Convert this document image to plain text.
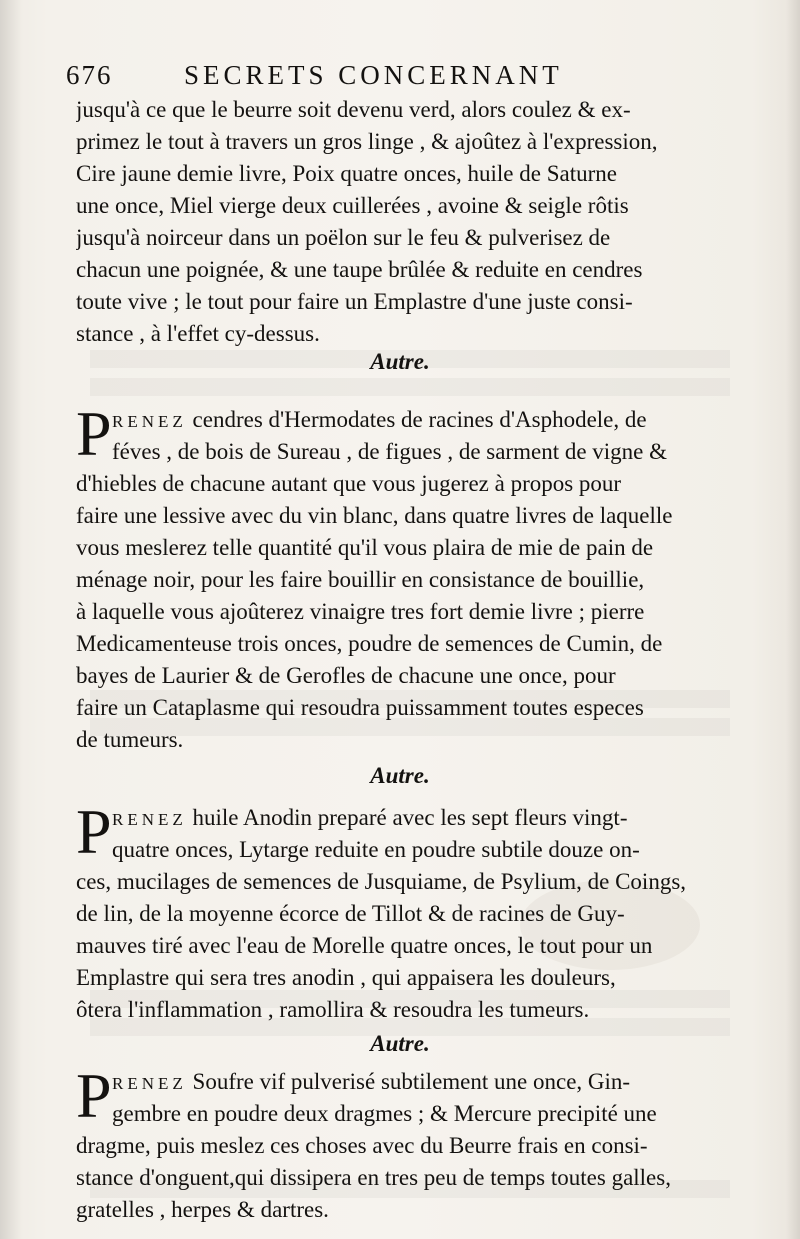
676	SECRETS CONCERNANT
jusqu'à ce que le beurre soit devenu verd, alors coulez & ex-
primez le tout à travers un gros linge , & ajoûtez à l'expression,
Cire jaune demie livre, Poix quatre onces, huile de Saturne
une once, Miel vierge deux cuillerées , avoine & seigle rôtis
jusqu'à noirceur dans un poëlon sur le feu & pulverisez de
chacun une poignée, & une taupe brûlée & reduite en cendres
toute vive ; le tout pour faire un Emplastre d'une juste consi-
stance , à l'effet cy-dessus.
Autre.
P RENEZ cendres d'Hermodates de racines d'Asphodele, de
féves , de bois de Sureau , de figues , de sarment de vigne &
d'hiebles de chacune autant que vous jugerez à propos pour
faire une lessive avec du vin blanc, dans quatre livres de laquelle
vous meslerez telle quantité qu'il vous plaira de mie de pain de
ménage noir, pour les faire bouillir en consistance de bouillie,
à laquelle vous ajoûterez vinaigre tres fort demie livre ; pierre
Medicamenteuse trois onces, poudre de semences de Cumin, de
bayes de Laurier & de Gerofles de chacune une once, pour
faire un Cataplasme qui resoudra puissamment toutes especes
de tumeurs.
Autre.
P RENEZ huile Anodin preparé avec les sept fleurs vingt-
quatre onces, Lytarge reduite en poudre subtile douze on-
ces, mucilages de semences de Jusquiame, de Psylium, de Coings,
de lin, de la moyenne écorce de Tillot & de racines de Guy-
mauves tiré avec l'eau de Morelle quatre onces, le tout pour un
Emplastre qui sera tres anodin , qui appaisera les douleurs,
ôtera l'inflammation , ramollira & resoudra les tumeurs.
Autre.
P RENEZ Soufre vif pulverisé subtilement une once, Gin-
gembre en poudre deux dragmes ; & Mercure precipité une
dragme, puis meslez ces choses avec du Beurre frais en consi-
stance d'onguent,qui dissipera en tres peu de temps toutes galles,
gratelles , herpes & dartres.
